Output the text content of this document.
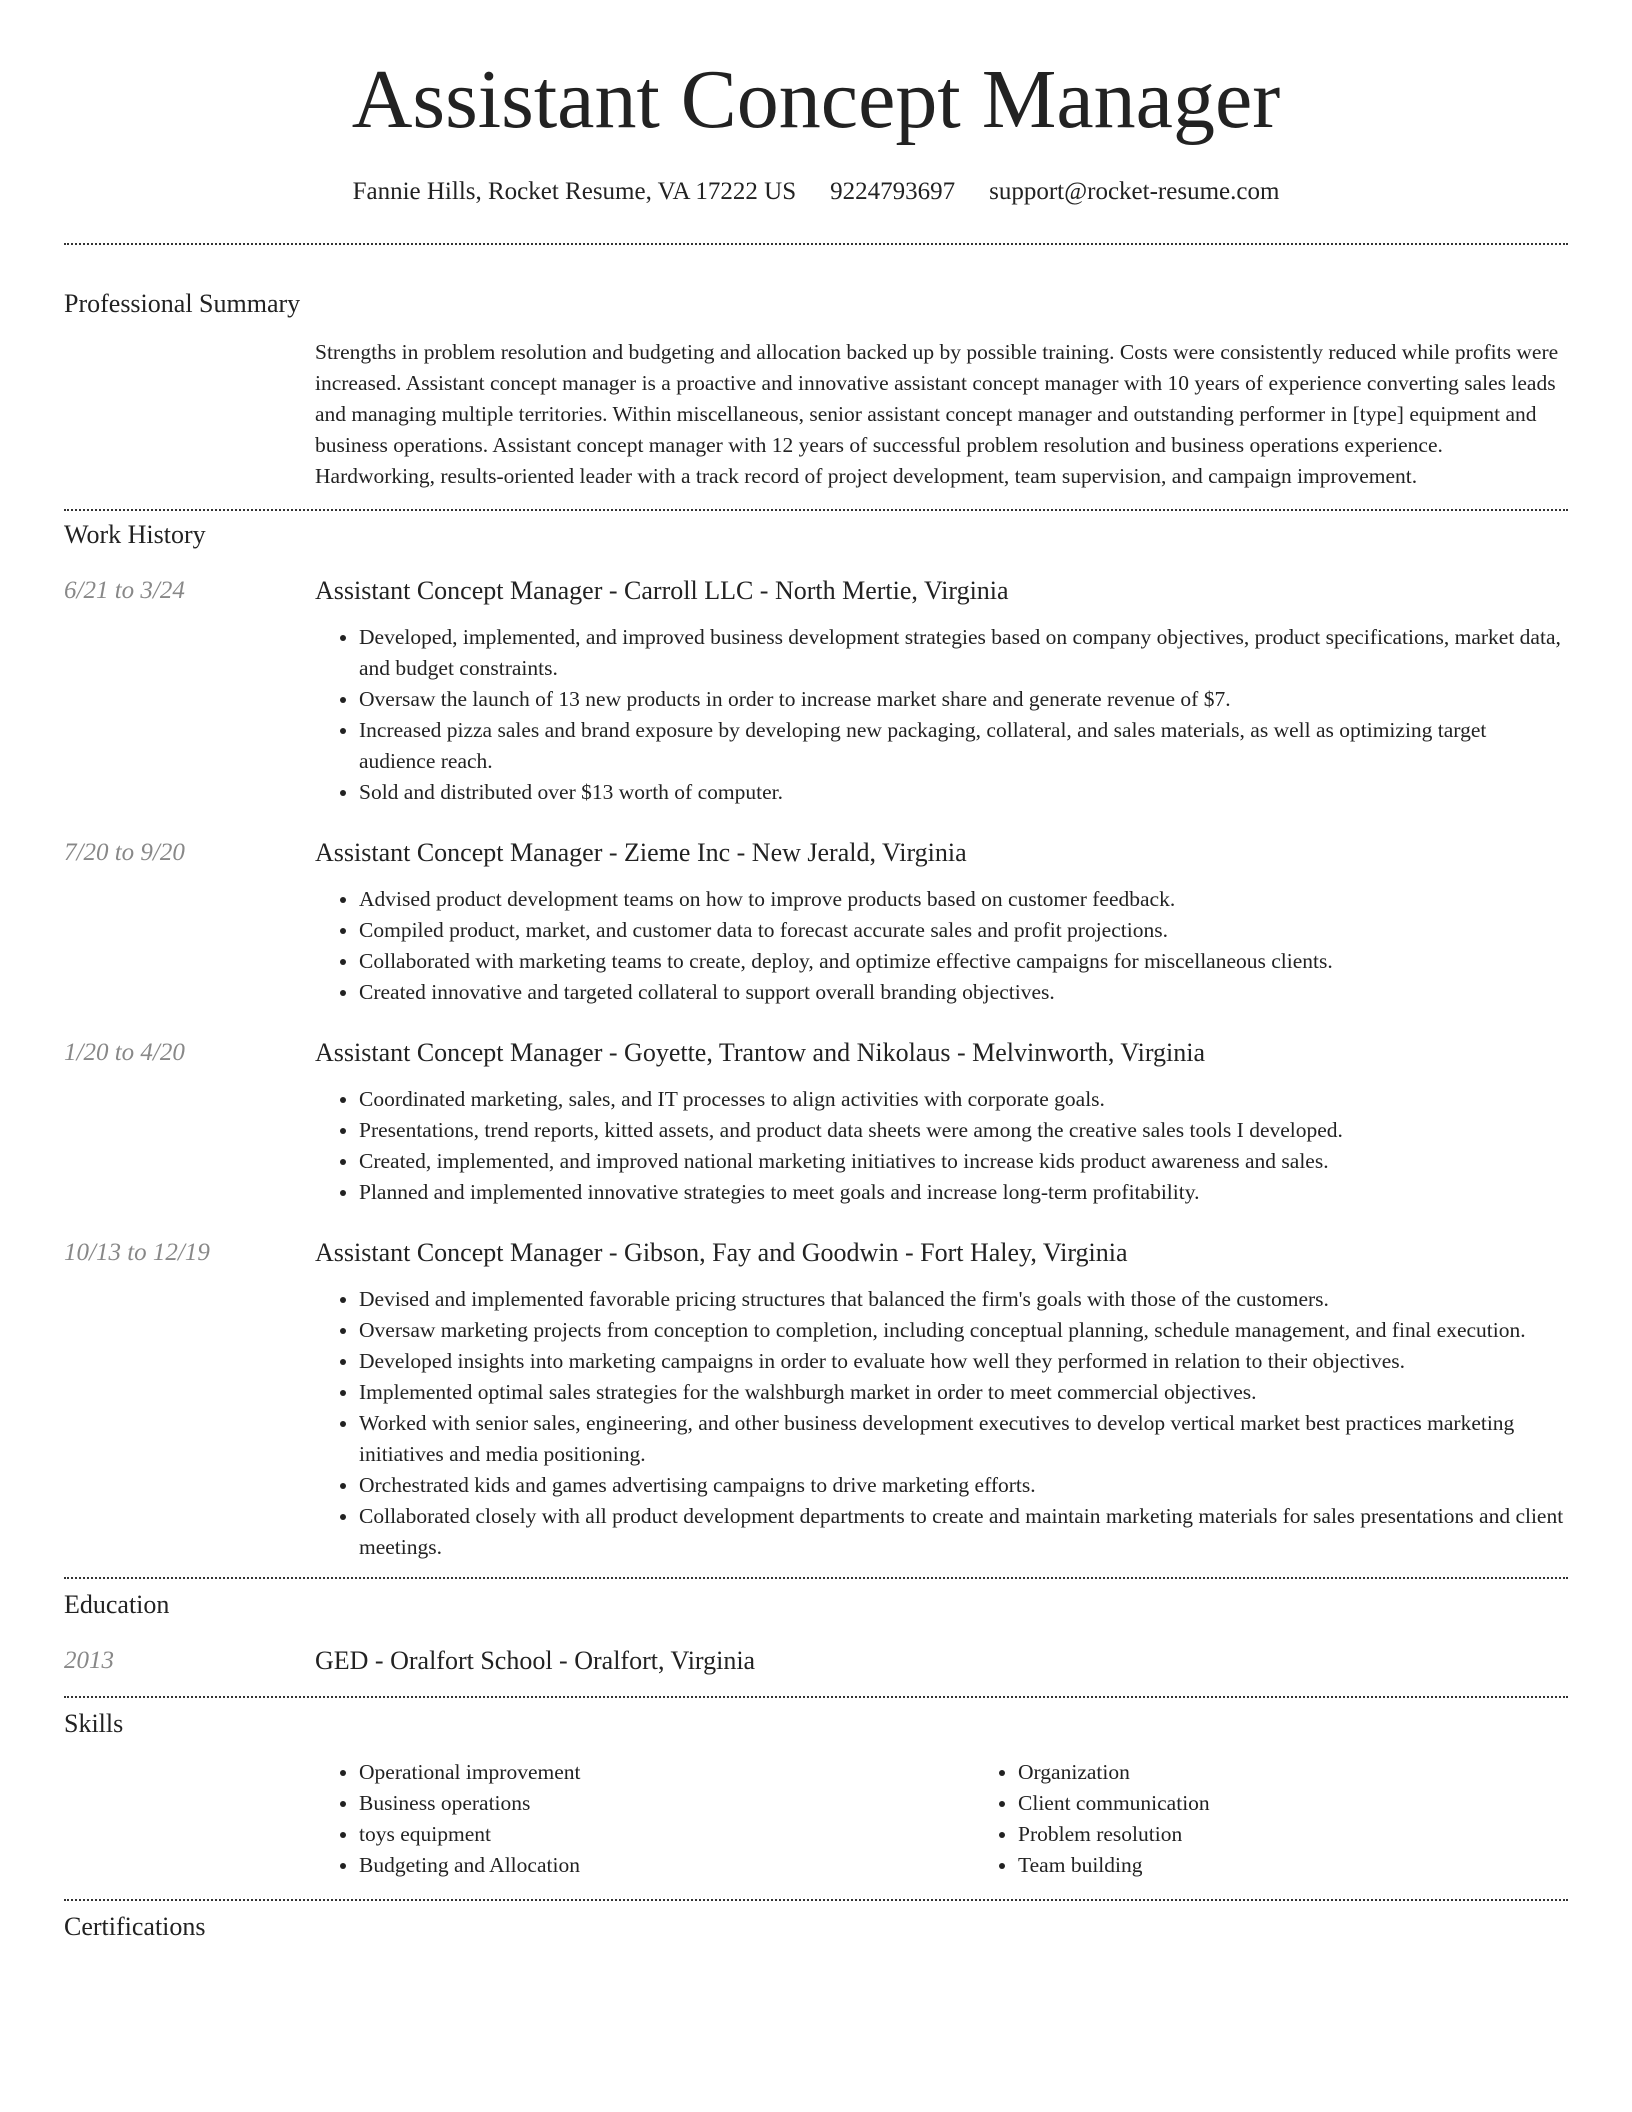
Assistant Concept Manager
Fannie Hills, Rocket Resume, VA 17222 US 9224793697 support@rocket-resume.com
Professional Summary

Strengths in problem resolution and budgeting and allocation backed up by possible training. Costs were consistently reduced while profits were increased. Assistant concept manager is a proactive and innovative assistant concept manager with 10 years of experience converting sales leads and managing multiple territories. Within miscellaneous, senior assistant concept manager and outstanding performer in [type] equipment and business operations. Assistant concept manager with 12 years of successful problem resolution and business operations experience. Hardworking, results-oriented leader with a track record of project development, team supervision, and campaign improvement.

Work History
6/21 to 3/24	Assistant Concept Manager - Carroll LLC - North Mertie, Virginia
• Developed, implemented, and improved business development strategies based on company objectives, product specifications, market data, and budget constraints.
• Oversaw the launch of 13 new products in order to increase market share and generate revenue of $7.
• Increased pizza sales and brand exposure by developing new packaging, collateral, and sales materials, as well as optimizing target audience reach.
• Sold and distributed over $13 worth of computer.
7/20 to 9/20	Assistant Concept Manager - Zieme Inc - New Jerald, Virginia
• Advised product development teams on how to improve products based on customer feedback.
• Compiled product, market, and customer data to forecast accurate sales and profit projections.
• Collaborated with marketing teams to create, deploy, and optimize effective campaigns for miscellaneous clients.
• Created innovative and targeted collateral to support overall branding objectives.
1/20 to 4/20	Assistant Concept Manager - Goyette, Trantow and Nikolaus - Melvinworth, Virginia
• Coordinated marketing, sales, and IT processes to align activities with corporate goals.
• Presentations, trend reports, kitted assets, and product data sheets were among the creative sales tools I developed.
• Created, implemented, and improved national marketing initiatives to increase kids product awareness and sales.
• Planned and implemented innovative strategies to meet goals and increase long-term profitability.
10/13 to 12/19	Assistant Concept Manager - Gibson, Fay and Goodwin - Fort Haley, Virginia
• Devised and implemented favorable pricing structures that balanced the firm's goals with those of the customers.
• Oversaw marketing projects from conception to completion, including conceptual planning, schedule management, and final execution.
• Developed insights into marketing campaigns in order to evaluate how well they performed in relation to their objectives.
• Implemented optimal sales strategies for the walshburgh market in order to meet commercial objectives.
• Worked with senior sales, engineering, and other business development executives to develop vertical market best practices marketing initiatives and media positioning.
• Orchestrated kids and games advertising campaigns to drive marketing efforts.
• Collaborated closely with all product development departments to create and maintain marketing materials for sales presentations and client meetings.
Education
2013	GED - Oralfort School - Oralfort, Virginia
Skills
• Operational improvement
• Business operations
• toys equipment
• Budgeting and Allocation
• Organization
• Client communication
• Problem resolution
• Team building
Certifications
